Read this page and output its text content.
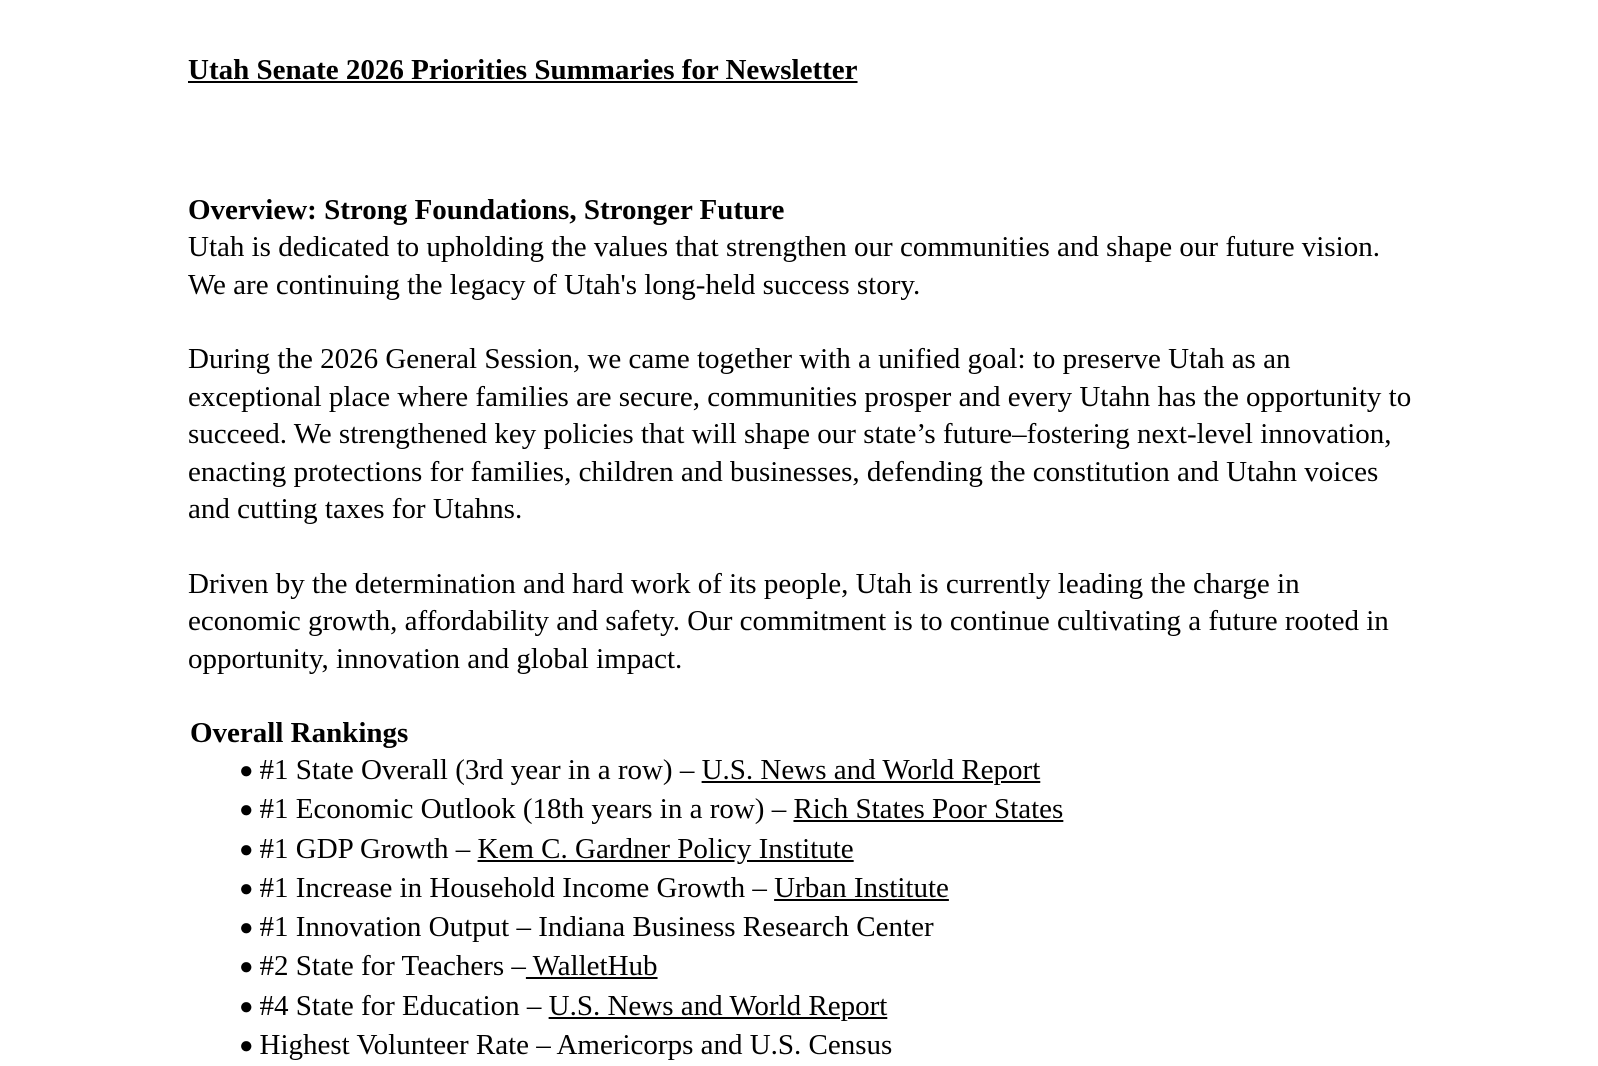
Utah Senate 2026 Priorities Summaries for Newsletter

Overview: Strong Foundations, Stronger Future

Utah is dedicated to upholding the values that strengthen our communities and shape our future vision. We are continuing the legacy of Utah's long-held success story.

During the 2026 General Session, we came together with a unified goal: to preserve Utah as an exceptional place where families are secure, communities prosper and every Utahn has the opportunity to succeed. We strengthened key policies that will shape our state’s future–fostering next-level innovation, enacting protections for families, children and businesses, defending the constitution and Utahn voices and cutting taxes for Utahns.

Driven by the determination and hard work of its people, Utah is currently leading the charge in economic growth, affordability and safety. Our commitment is to continue cultivating a future rooted in opportunity, innovation and global impact.

Overall Rankings

● #1 State Overall (3rd year in a row) – U.S. News and World Report
● #1 Economic Outlook (18th years in a row) – Rich States Poor States
● #1 GDP Growth – Kem C. Gardner Policy Institute
● #1 Increase in Household Income Growth – Urban Institute
● #1 Innovation Output – Indiana Business Research Center
● #2 State for Teachers – WalletHub
● #4 State for Education – U.S. News and World Report
● Highest Volunteer Rate – Americorps and U.S. Census
